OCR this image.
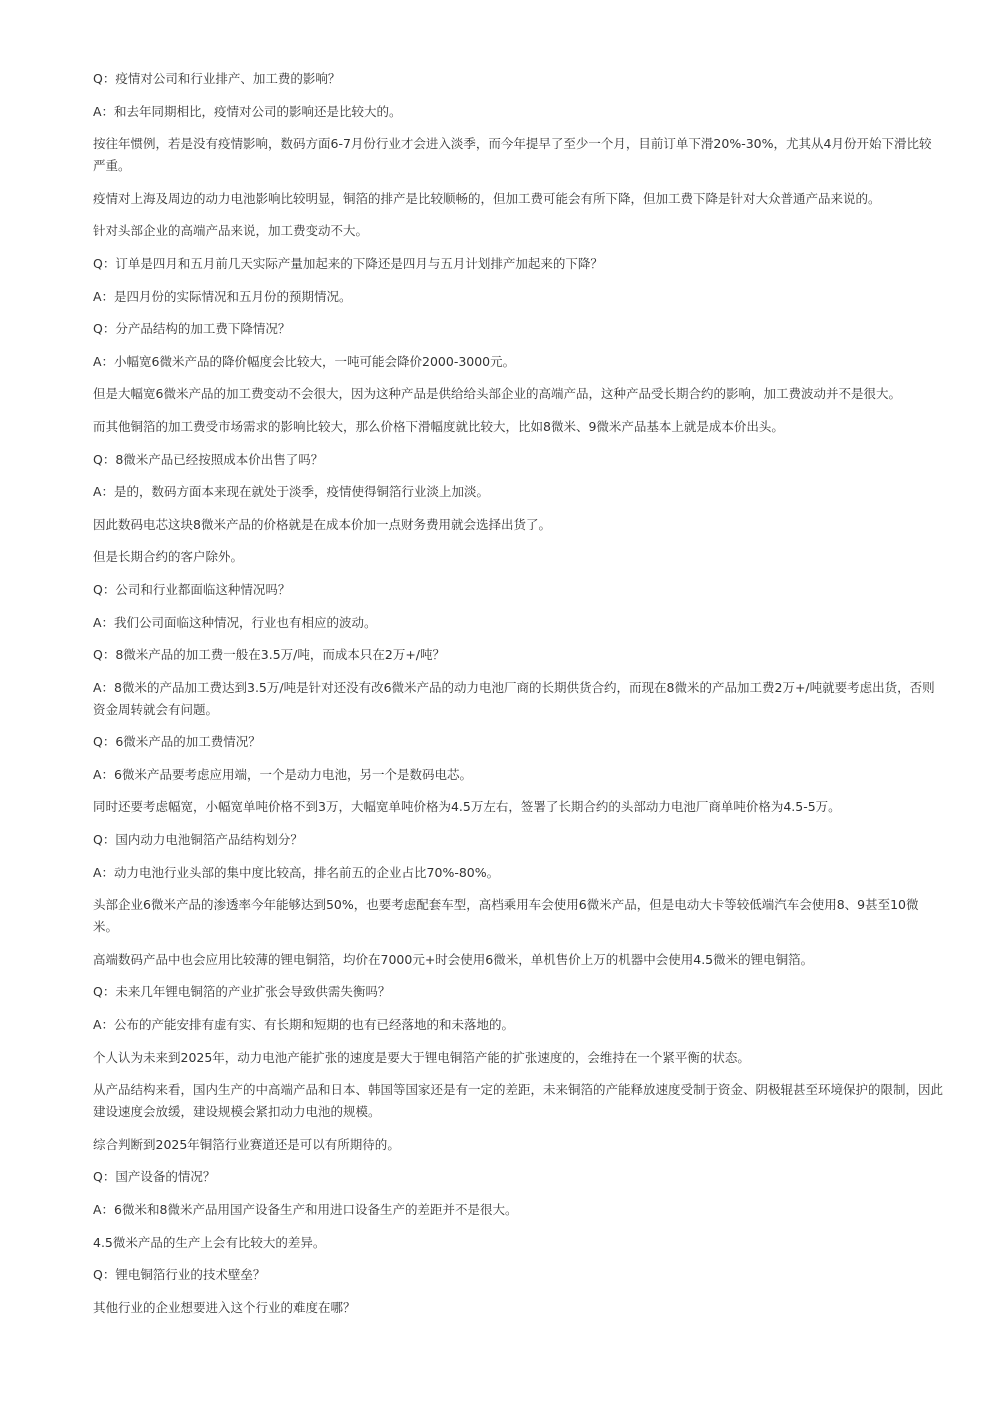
Q：疫情对公司和行业排产、加工费的影响？

A：和去年同期相比，疫情对公司的影响还是比较大的。

按往年惯例，若是没有疫情影响，数码方面6-7月份行业才会进入淡季，而今年提早了至少一个月，目前订单下滑20%-30%，尤其从4月份开始下滑比较严重。

疫情对上海及周边的动力电池影响比较明显，铜箔的排产是比较顺畅的，但加工费可能会有所下降，但加工费下降是针对大众普通产品来说的。

针对头部企业的高端产品来说，加工费变动不大。

Q：订单是四月和五月前几天实际产量加起来的下降还是四月与五月计划排产加起来的下降？

A：是四月份的实际情况和五月份的预期情况。

Q：分产品结构的加工费下降情况？

A：小幅宽6微米产品的降价幅度会比较大，一吨可能会降价2000-3000元。

但是大幅宽6微米产品的加工费变动不会很大，因为这种产品是供给给头部企业的高端产品，这种产品受长期合约的影响，加工费波动并不是很大。

而其他铜箔的加工费受市场需求的影响比较大，那么价格下滑幅度就比较大，比如8微米、9微米产品基本上就是成本价出头。

Q：8微米产品已经按照成本价出售了吗？

A：是的，数码方面本来现在就处于淡季，疫情使得铜箔行业淡上加淡。

因此数码电芯这块8微米产品的价格就是在成本价加一点财务费用就会选择出货了。

但是长期合约的客户除外。

Q：公司和行业都面临这种情况吗？

A：我们公司面临这种情况，行业也有相应的波动。

Q：8微米产品的加工费一般在3.5万/吨，而成本只在2万+/吨？

A：8微米的产品加工费达到3.5万/吨是针对还没有改6微米产品的动力电池厂商的长期供货合约，而现在8微米的产品加工费2万+/吨就要考虑出货，否则资金周转就会有问题。

Q：6微米产品的加工费情况？

A：6微米产品要考虑应用端，一个是动力电池，另一个是数码电芯。

同时还要考虑幅宽，小幅宽单吨价格不到3万，大幅宽单吨价格为4.5万左右，签署了长期合约的头部动力电池厂商单吨价格为4.5-5万。

Q：国内动力电池铜箔产品结构划分？

A：动力电池行业头部的集中度比较高，排名前五的企业占比70%-80%。

头部企业6微米产品的渗透率今年能够达到50%，也要考虑配套车型，高档乘用车会使用6微米产品，但是电动大卡等较低端汽车会使用8、9甚至10微米。

高端数码产品中也会应用比较薄的锂电铜箔，均价在7000元+时会使用6微米，单机售价上万的机器中会使用4.5微米的锂电铜箔。

Q：未来几年锂电铜箔的产业扩张会导致供需失衡吗？

A：公布的产能安排有虚有实、有长期和短期的也有已经落地的和未落地的。

个人认为未来到2025年，动力电池产能扩张的速度是要大于锂电铜箔产能的扩张速度的，会维持在一个紧平衡的状态。

从产品结构来看，国内生产的中高端产品和日本、韩国等国家还是有一定的差距，未来铜箔的产能释放速度受制于资金、阴极辊甚至环境保护的限制，因此建设速度会放缓，建设规模会紧扣动力电池的规模。

综合判断到2025年铜箔行业赛道还是可以有所期待的。

Q：国产设备的情况？

A：6微米和8微米产品用国产设备生产和用进口设备生产的差距并不是很大。

4.5微米产品的生产上会有比较大的差异。

Q：锂电铜箔行业的技术壁垒？

其他行业的企业想要进入这个行业的难度在哪？
